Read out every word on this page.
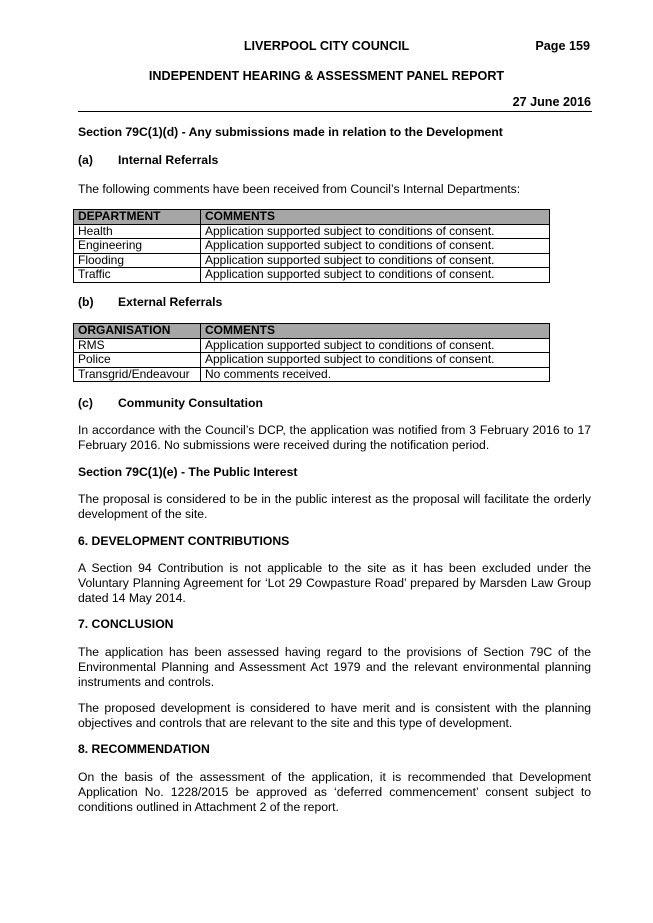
LIVERPOOL CITY COUNCIL	Page 159
INDEPENDENT HEARING & ASSESSMENT PANEL REPORT
27 June 2016
Section 79C(1)(d) - Any submissions made in relation to the Development
(a) Internal Referrals
The following comments have been received from Council’s Internal Departments:
DEPARTMENT	COMMENTS
Health	Application supported subject to conditions of consent.
Engineering	Application supported subject to conditions of consent.
Flooding	Application supported subject to conditions of consent.
Traffic	Application supported subject to conditions of consent.
(b) External Referrals
ORGANISATION	COMMENTS
RMS	Application supported subject to conditions of consent.
Police	Application supported subject to conditions of consent.
Transgrid/Endeavour	No comments received.
(c) Community Consultation
In accordance with the Council’s DCP, the application was notified from 3 February 2016 to 17 February 2016. No submissions were received during the notification period.
Section 79C(1)(e) - The Public Interest
The proposal is considered to be in the public interest as the proposal will facilitate the orderly development of the site.
6. DEVELOPMENT CONTRIBUTIONS
A Section 94 Contribution is not applicable to the site as it has been excluded under the Voluntary Planning Agreement for ‘Lot 29 Cowpasture Road’ prepared by Marsden Law Group dated 14 May 2014.
7. CONCLUSION
The application has been assessed having regard to the provisions of Section 79C of the Environmental Planning and Assessment Act 1979 and the relevant environmental planning instruments and controls.
The proposed development is considered to have merit and is consistent with the planning objectives and controls that are relevant to the site and this type of development.
8. RECOMMENDATION
On the basis of the assessment of the application, it is recommended that Development Application No. 1228/2015 be approved as ‘deferred commencement’ consent subject to conditions outlined in Attachment 2 of the report.
